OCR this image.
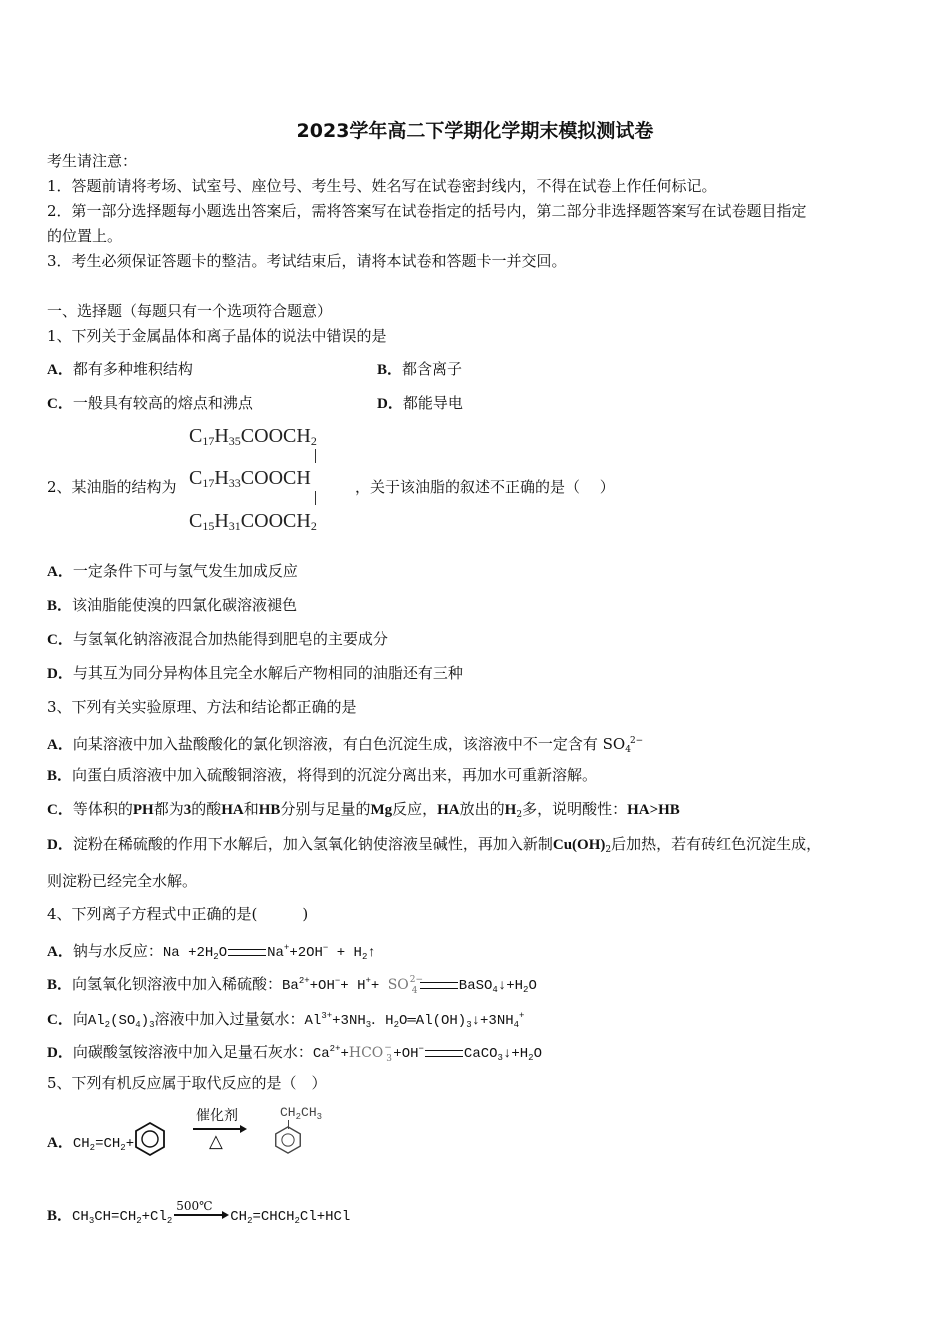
2023学年高二下学期化学期末模拟测试卷
考生请注意：
1．答题前请将考场、试室号、座位号、考生号、姓名写在试卷密封线内，不得在试卷上作任何标记。
2．第一部分选择题每小题选出答案后，需将答案写在试卷指定的括号内，第二部分非选择题答案写在试卷题目指定
的位置上。
3．考生必须保证答题卡的整洁。考试结束后，请将本试卷和答题卡一并交回。
一、选择题（每题只有一个选项符合题意）
1、下列关于金属晶体和离子晶体的说法中错误的是
A．都有多种堆积结构	B．都含离子
C．一般具有较高的熔点和沸点	D．都能导电
2、某油脂的结构为
$C_{17}H_{35}COOCH_2$
$C_{17}H_{33}COOCH$
$C_{15}H_{31}COOCH_2$
，关于该油脂的叙述不正确的是（　 ）
A．一定条件下可与氢气发生加成反应
B．该油脂能使溴的四氯化碳溶液褪色
C．与氢氧化钠溶液混合加热能得到肥皂的主要成分
D．与其互为同分异构体且完全水解后产物相同的油脂还有三种
3、下列有关实验原理、方法和结论都正确的是
A．向某溶液中加入盐酸酸化的氯化钡溶液，有白色沉淀生成，该溶液中不一定含有 $SO_4^{2-}$
B．向蛋白质溶液中加入硫酸铜溶液，将得到的沉淀分离出来，再加水可重新溶解。
C．等体积的PH都为3的酸HA和HB分别与足量的Mg反应，HA放出的$H_2$多，说明酸性：HA>HB
D．淀粉在稀硫酸的作用下水解后，加入氢氧化钠使溶液呈碱性，再加入新制$Cu(OH)_2$后加热，若有砖红色沉淀生成，
则淀粉已经完全水解。
4、下列离子方程式中正确的是(　　　)
A．钠与水反应：$Na +2H_2O$	$Na^++2OH^- + H_2↑$
B．向氢氧化钡溶液中加入稀硫酸：$Ba^{2+}+OH^-+ H^++$ SO 2−
4	$BaSO_4↓+H_2O$
C．向$Al_2(SO_4)_3$溶液中加入过量氨水：$Al^{3+}+3NH_3$．$H_2O═Al(OH)_3↓+3NH_4^+$
D．向碳酸氢铵溶液中加入足量石灰水：$Ca^{2+}+HCO$ −
3 +OH−	$CaCO_3↓+H_2O$
5、下列有机反应属于取代反应的是（　）
A．$CH_2=CH_2+$
催化剂
△
$CH_2CH_3$
B．$CH_3CH=CH_2+Cl_2$
500℃
$CH_2=CHCH_2Cl+HCl$
